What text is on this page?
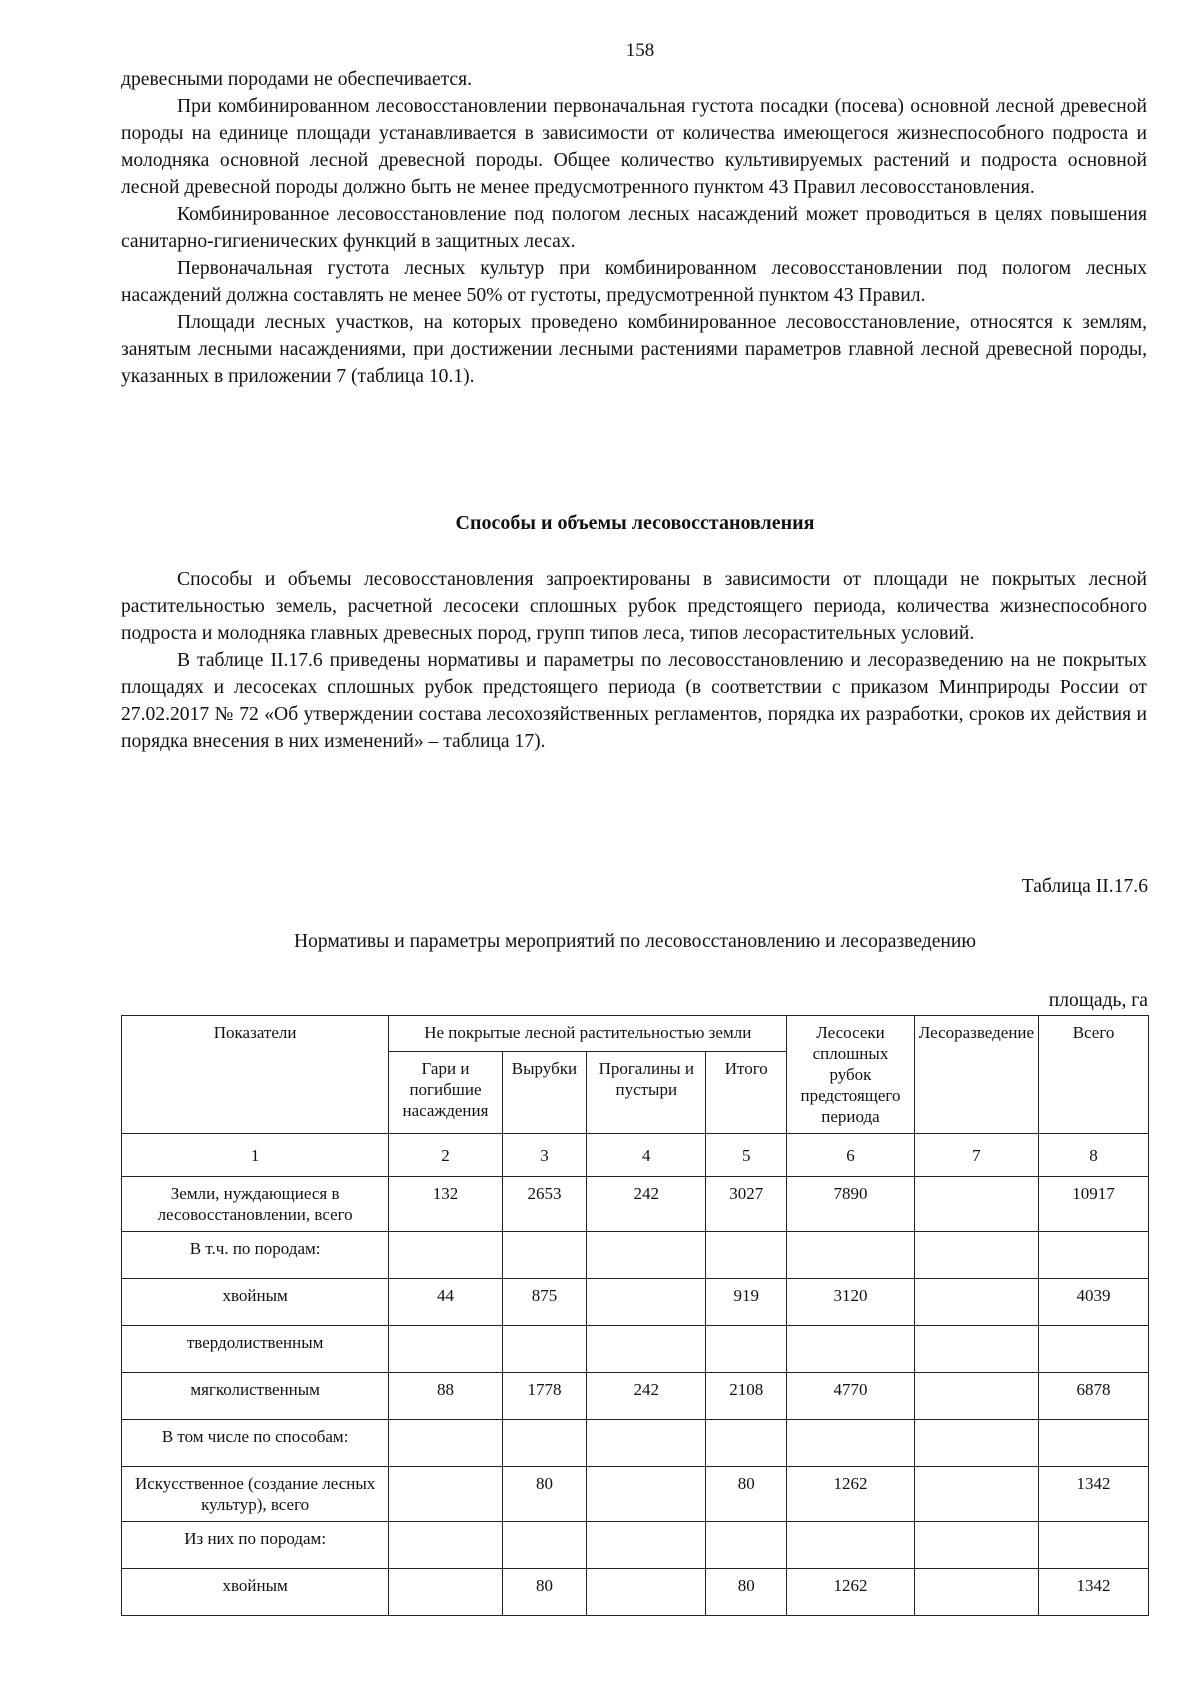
158

древесными породами не обеспечивается.

При комбинированном лесовосстановлении первоначальная густота посадки (посева) основной лесной древесной породы на единице площади устанавливается в зависимости от количества имеющегося жизнеспособного подроста и молодняка основной лесной древесной породы. Общее количество культивируемых растений и подроста основной лесной древесной породы должно быть не менее предусмотренного пунктом 43 Правил лесовосстановления.

Комбинированное лесовосстановление под пологом лесных насаждений может проводиться в целях повышения санитарно-гигиенических функций в защитных лесах.

Первоначальная густота лесных культур при комбинированном лесовосстановлении под пологом лесных насаждений должна составлять не менее 50% от густоты, предусмотренной пунктом 43 Правил.

Площади лесных участков, на которых проведено комбинированное лесовосстановление, относятся к землям, занятым лесными насаждениями, при достижении лесными растениями параметров главной лесной древесной породы, указанных в приложении 7 (таблица 10.1).

Способы и объемы лесовосстановления

Способы и объемы лесовосстановления запроектированы в зависимости от площади не покрытых лесной растительностью земель, расчетной лесосеки сплошных рубок предстоящего периода, количества жизнеспособного подроста и молодняка главных древесных пород, групп типов леса, типов лесорастительных условий.

В таблице II.17.6 приведены нормативы и параметры по лесовосстановлению и лесоразведению на не покрытых площадях и лесосеках сплошных рубок предстоящего периода (в соответствии с приказом Минприроды России от 27.02.2017 № 72 «Об утверждении состава лесохозяйственных регламентов, порядка их разработки, сроков их действия и порядка внесения в них изменений» – таблица 17).

Таблица II.17.6
Нормативы и параметры мероприятий по лесовосстановлению и лесоразведению
площадь, га
Показатели	Не покрытые лесной растительностью земли				Лесосеки сплошных рубок предстоящего периода	Лесоразведение	Всего
	Гари и погибшие насаждения	Вырубки	Прогалины и пустыри	Итого			
1	2	3	4	5	6	7	8
Земли, нуждающиеся в лесовосстановлении, всего	132	2653	242	3027	7890		10917
В т.ч. по породам:							
хвойным	44	875		919	3120		4039
твердолиственным							
мягколиственным	88	1778	242	2108	4770		6878
В том числе по способам:							
Искусственное (создание лесных культур), всего		80		80	1262		1342
Из них по породам:							
хвойным		80		80	1262		1342
